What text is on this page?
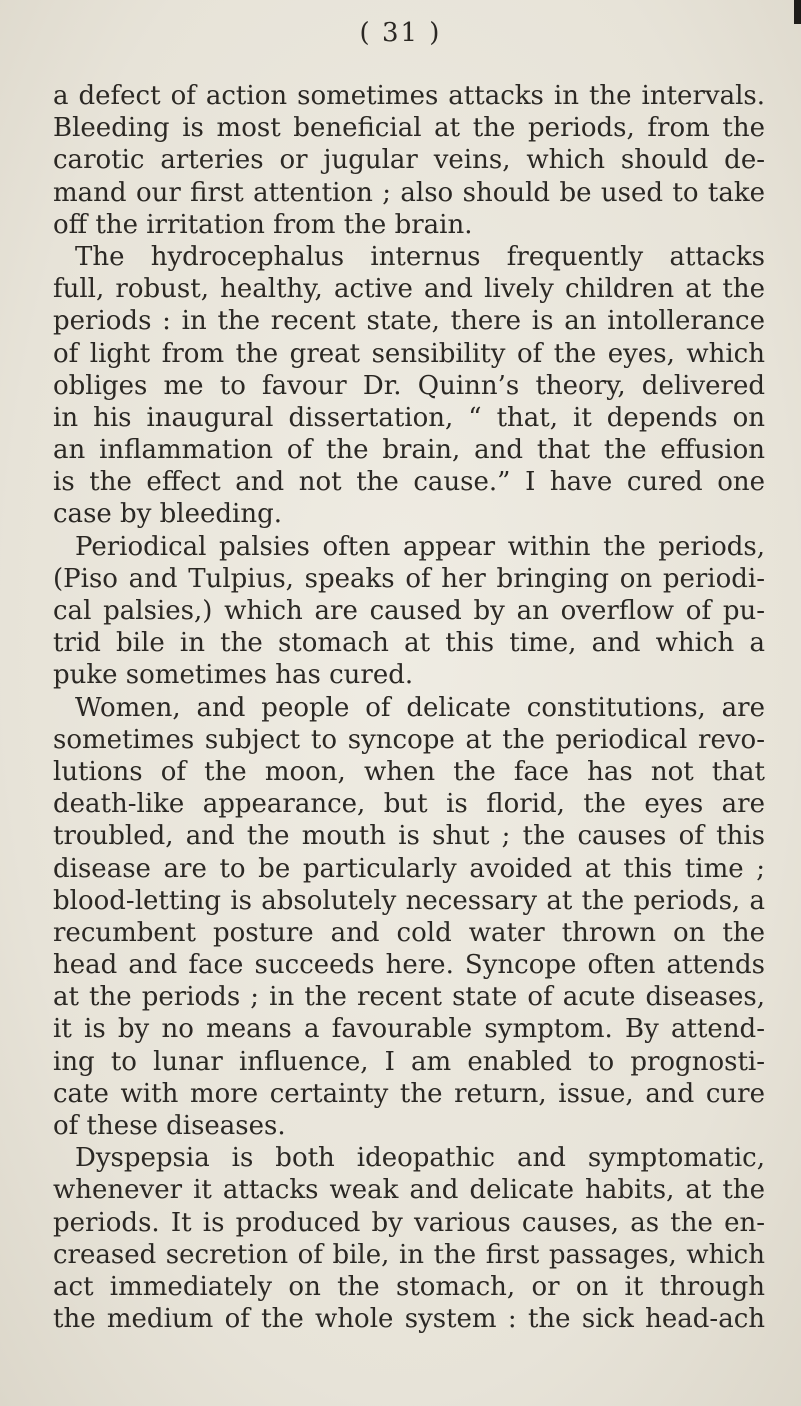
( 31 )
a defect of action sometimes attacks in the intervals.
Bleeding is most beneficial at the periods, from the
carotic arteries or jugular veins, which should de-
mand our first attention ; also should be used to take
off the irritation from the brain.
The hydrocephalus internus frequently attacks
full, robust, healthy, active and lively children at the
periods : in the recent state, there is an intollerance
of light from the great sensibility of the eyes, which
obliges me to favour Dr. Quinn’s theory, delivered
in his inaugural dissertation, “ that, it depends on
an inflammation of the brain, and that the effusion
is the effect and not the cause.” I have cured one
case by bleeding.
Periodical palsies often appear within the periods,
(Piso and Tulpius, speaks of her bringing on periodi-
cal palsies,) which are caused by an overflow of pu-
trid bile in the stomach at this time, and which a
puke sometimes has cured.
Women, and people of delicate constitutions, are
sometimes subject to syncope at the periodical revo-
lutions of the moon, when the face has not that
death-like appearance, but is florid, the eyes are
troubled, and the mouth is shut ; the causes of this
disease are to be particularly avoided at this time ;
blood-letting is absolutely necessary at the periods, a
recumbent posture and cold water thrown on the
head and face succeeds here. Syncope often attends
at the periods ; in the recent state of acute diseases,
it is by no means a favourable symptom. By attend-
ing to lunar influence, I am enabled to prognosti-
cate with more certainty the return, issue, and cure
of these diseases.
Dyspepsia is both ideopathic and symptomatic,
whenever it attacks weak and delicate habits, at the
periods. It is produced by various causes, as the en-
creased secretion of bile, in the first passages, which
act immediately on the stomach, or on it through
the medium of the whole system : the sick head-ach
